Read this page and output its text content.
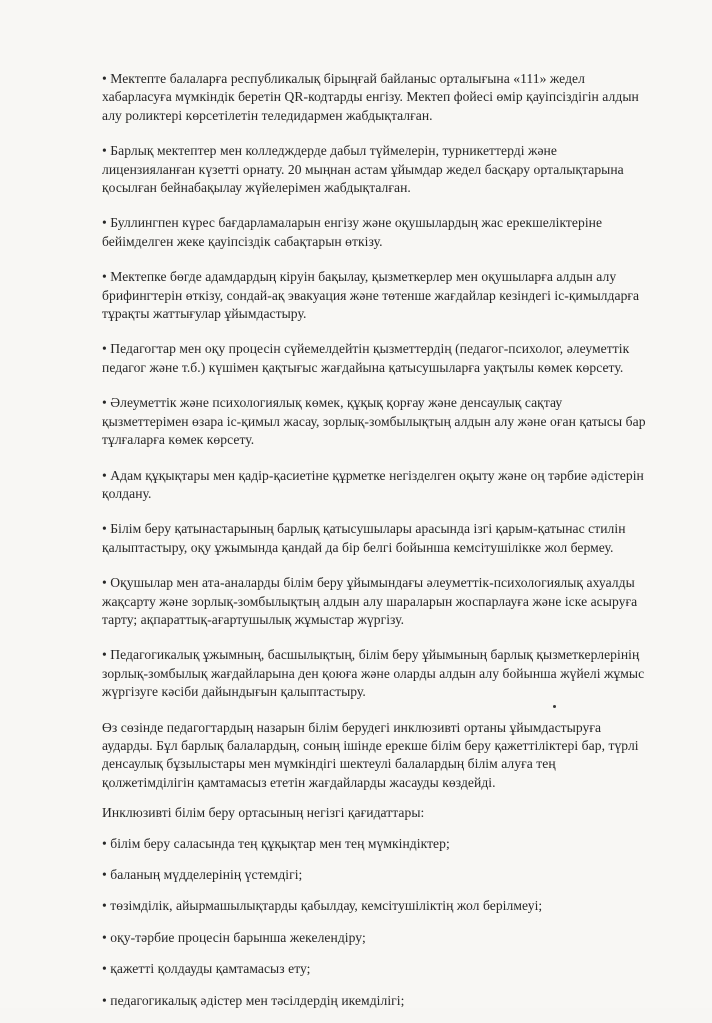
• Мектепте балаларға республикалық бірыңғай байланыс орталығына «111» жедел хабарласуға мүмкіндік беретін QR-кодтарды енгізу. Мектеп фойесі өмір қауіпсіздігін алдын алу роликтері көрсетілетін теледидармен жабдықталған.

• Барлық мектептер мен колледждерде дабыл түймелерін, турникеттерді және лицензияланған күзетті орнату. 20 мыңнан астам ұйымдар жедел басқару орталықтарына қосылған бейнабақылау жүйелерімен жабдықталған.

• Буллингпен күрес бағдарламаларын енгізу және оқушылардың жас ерекшеліктеріне бейімделген жеке қауіпсіздік сабақтарын өткізу.

• Мектепке бөгде адамдардың кіруін бақылау, қызметкерлер мен оқушыларға алдын алу брифингтерін өткізу, сондай-ақ эвакуация және төтенше жағдайлар кезіндегі іс-қимылдарға тұрақты жаттығулар ұйымдастыру.

• Педагогтар мен оқу процесін сүйемелдейтін қызметтердің (педагог-психолог, әлеуметтік педагог және т.б.) күшімен қақтығыс жағдайына қатысушыларға уақтылы көмек көрсету.

• Әлеуметтік және психологиялық көмек, құқық қорғау және денсаулық сақтау қызметтерімен өзара іс-қимыл жасау, зорлық-зомбылықтың алдын алу және оған қатысы бар тұлғаларға көмек көрсету.

• Адам құқықтары мен қадір-қасиетіне құрметке негізделген оқыту және оң тәрбие әдістерін қолдану.

• Білім беру қатынастарының барлық қатысушылары арасында ізгі қарым-қатынас стилін қалыптастыру, оқу ұжымында қандай да бір белгі бойынша кемсітушілікке жол бермеу.

• Оқушылар мен ата-аналарды білім беру ұйымындағы әлеуметтік-психологиялық ахуалды жақсарту және зорлық-зомбылықтың алдын алу шараларын жоспарлауға және іске асыруға тарту; ақпараттық-ағартушылық жұмыстар жүргізу.

• Педагогикалық ұжымның, басшылықтың, білім беру ұйымының барлық қызметкерлерінің зорлық-зомбылық жағдайларына ден қоюға және оларды алдын алу бойынша жүйелі жұмыс жүргізуге кәсіби дайындығын қалыптастыру.

Өз сөзінде педагогтардың назарын білім берудегі инклюзивті ортаны ұйымдастыруға аударды. Бұл барлық балалардың, соның ішінде ерекше білім беру қажеттіліктері бар, түрлі денсаулық бұзылыстары мен мүмкіндігі шектеулі балалардың білім алуға тең қолжетімділігін қамтамасыз ететін жағдайларды жасауды көздейді.

Инклюзивті білім беру ортасының негізгі қағидаттары:

• білім беру саласында тең құқықтар мен тең мүмкіндіктер;

• баланың мүдделерінің үстемдігі;

• төзімділік, айырмашылықтарды қабылдау, кемсітушіліктің жол берілмеуі;

• оқу-тәрбие процесін барынша жекелендіру;

• қажетті қолдауды қамтамасыз ету;

• педагогикалық әдістер мен тәсілдердің икемділігі;
